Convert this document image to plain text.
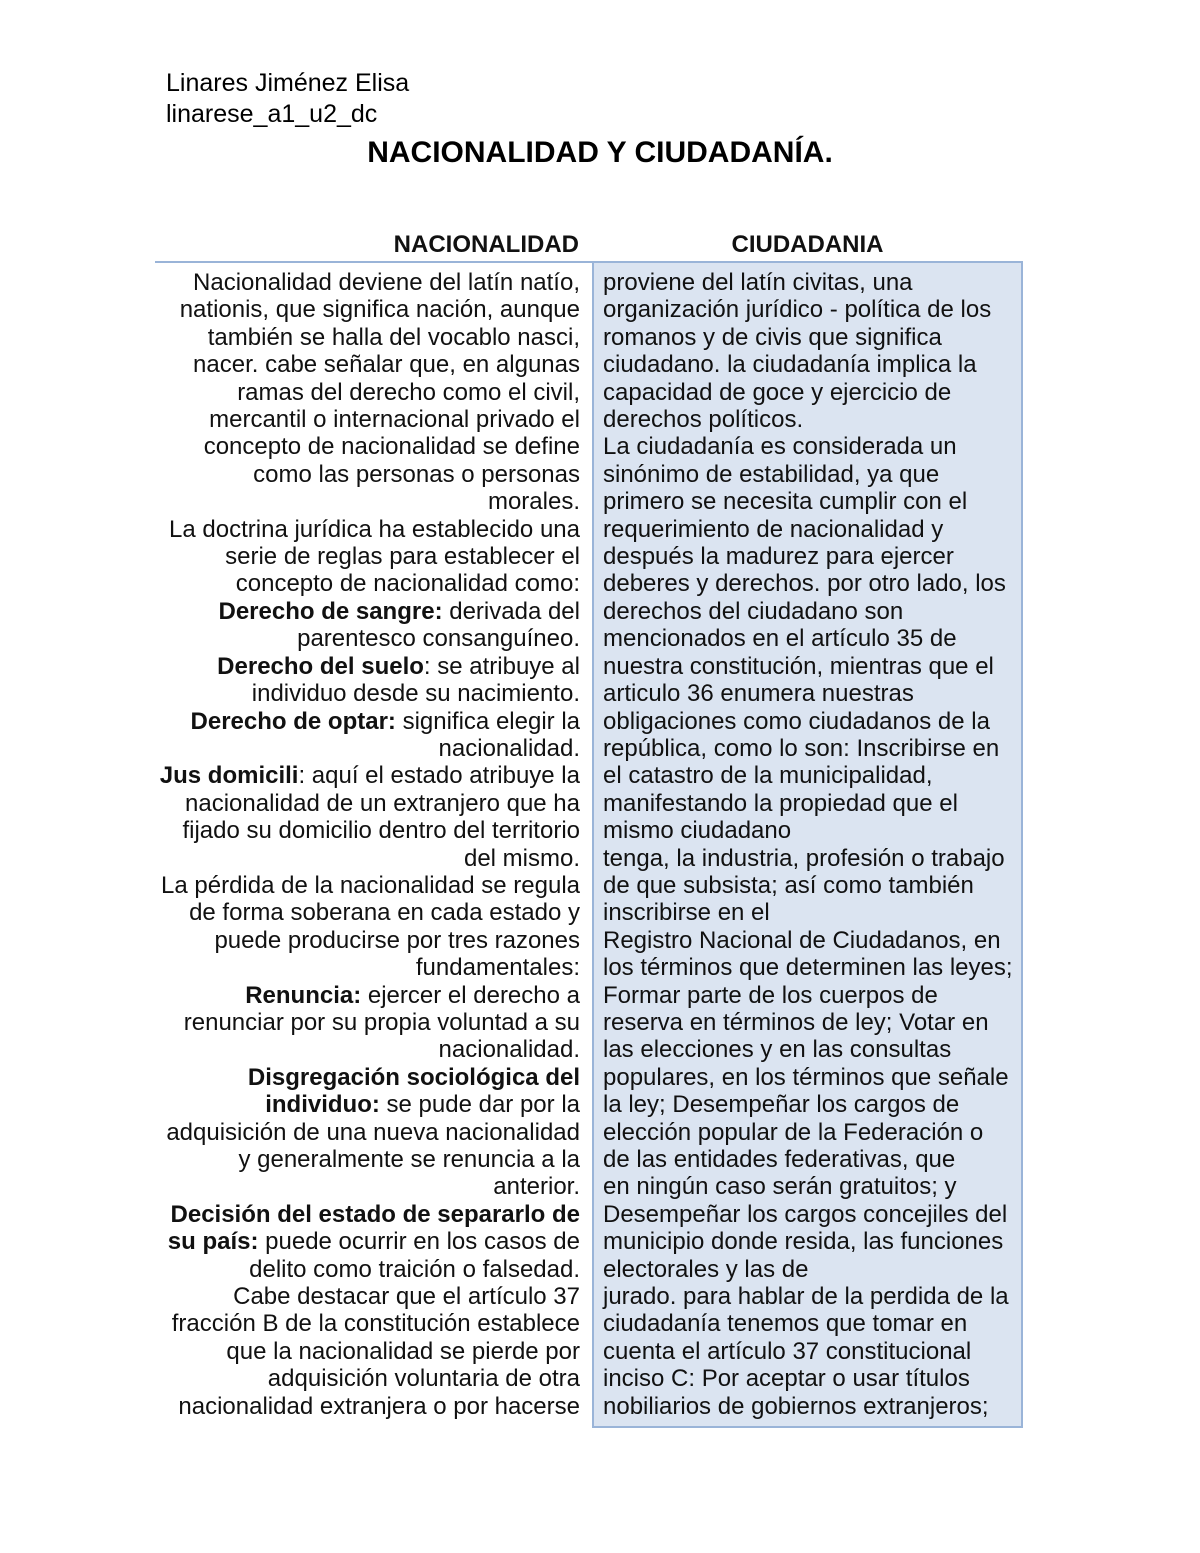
Linares Jiménez Elisa
linarese_a1_u2_dc
NACIONALIDAD Y CIUDADANÍA.
NACIONALIDAD	CIUDADANIA

Nacionalidad deviene del latín natío, nationis, que significa nación, aunque también se halla del vocablo nasci, nacer. cabe señalar que, en algunas ramas del derecho como el civil, mercantil o internacional privado el concepto de nacionalidad se define como las personas o personas morales.

La doctrina jurídica ha establecido una serie de reglas para establecer el concepto de nacionalidad como:

Derecho de sangre: derivada del parentesco consanguíneo.

Derecho del suelo: se atribuye al individuo desde su nacimiento.

Derecho de optar: significa elegir la nacionalidad.

Jus domicili: aquí el estado atribuye la nacionalidad de un extranjero que ha fijado su domicilio dentro del territorio del mismo.

La pérdida de la nacionalidad se regula de forma soberana en cada estado y puede producirse por tres razones fundamentales:

Renuncia: ejercer el derecho a renunciar por su propia voluntad a su nacionalidad.

Disgregación sociológica del individuo: se pude dar por la adquisición de una nueva nacionalidad y generalmente se renuncia a la anterior.

Decisión del estado de separarlo de su país: puede ocurrir en los casos de delito como traición o falsedad.

Cabe destacar que el artículo 37 fracción B de la constitución establece que la nacionalidad se pierde por adquisición voluntaria de otra nacionalidad extranjera o por hacerse

proviene del latín civitas, una organización jurídico - política de los romanos y de civis que significa ciudadano. la ciudadanía implica la capacidad de goce y ejercicio de derechos políticos.

La ciudadanía es considerada un sinónimo de estabilidad, ya que primero se necesita cumplir con el requerimiento de nacionalidad y después la madurez para ejercer deberes y derechos. por otro lado, los derechos del ciudadano son mencionados en el artículo 35 de nuestra constitución, mientras que el articulo 36 enumera nuestras obligaciones como ciudadanos de la república, como lo son: Inscribirse en el catastro de la municipalidad, manifestando la propiedad que el mismo ciudadano

tenga, la industria, profesión o trabajo de que subsista; así como también inscribirse en el

Registro Nacional de Ciudadanos, en los términos que determinen las leyes; Formar parte de los cuerpos de reserva en términos de ley; Votar en las elecciones y en las consultas populares, en los términos que señale la ley; Desempeñar los cargos de elección popular de la Federación o de las entidades federativas, que

en ningún caso serán gratuitos; y Desempeñar los cargos concejiles del municipio donde resida, las funciones electorales y las de

jurado. para hablar de la perdida de la ciudadanía tenemos que tomar en cuenta el artículo 37 constitucional inciso C: Por aceptar o usar títulos nobiliarios de gobiernos extranjeros;
